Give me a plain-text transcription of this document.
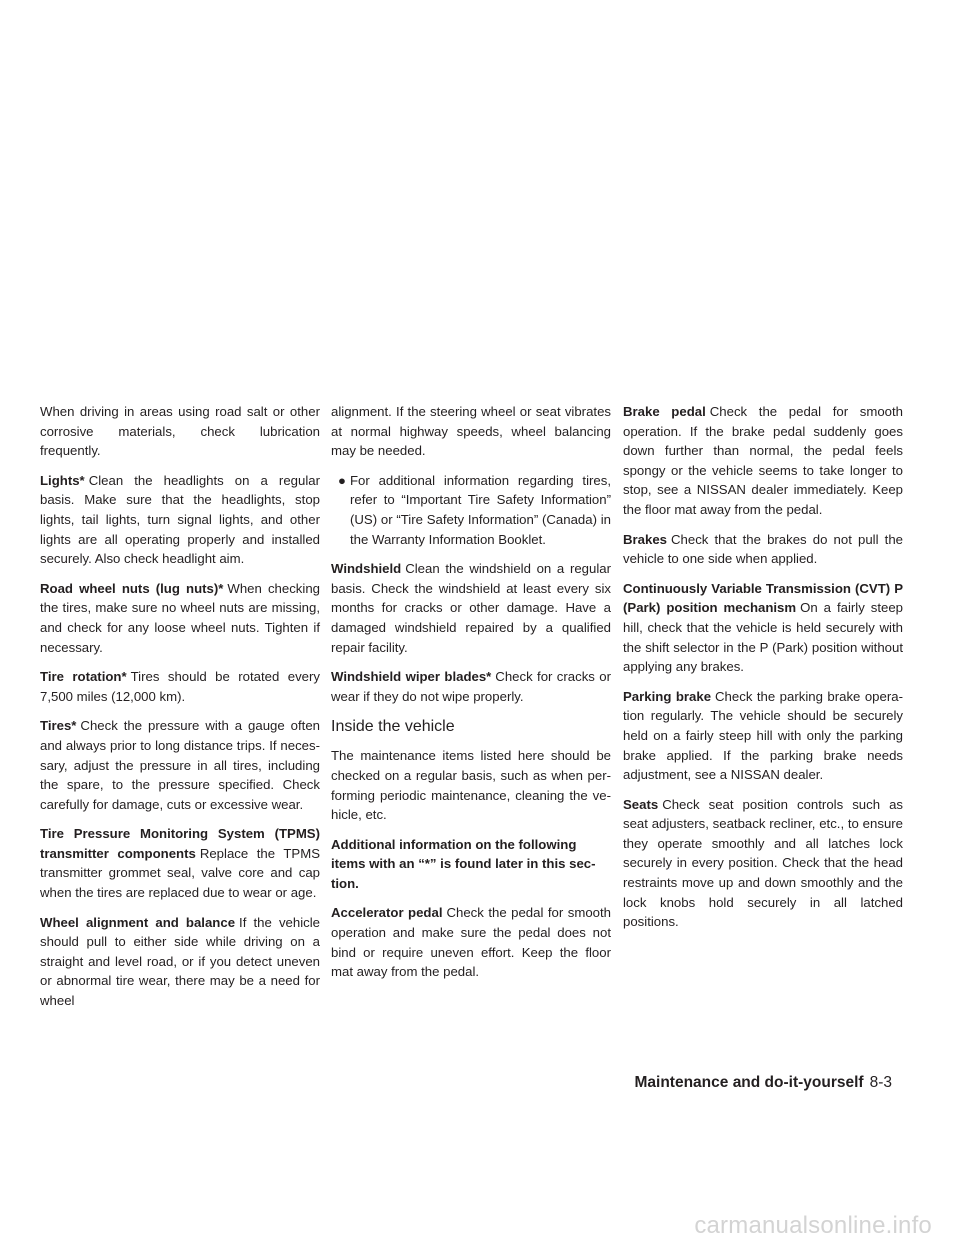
When driving in areas using road salt or other corrosive materials, check lubrication frequently.

Lights* Clean the headlights on a regular basis. Make sure that the headlights, stop lights, tail lights, turn signal lights, and other lights are all operating properly and installed securely. Also check headlight aim.

Road wheel nuts (lug nuts)* When checking the tires, make sure no wheel nuts are missing, and check for any loose wheel nuts. Tighten if necessary.

Tire rotation* Tires should be rotated every 7,500 miles (12,000 km).

Tires* Check the pressure with a gauge often and always prior to long distance trips. If necessary, adjust the pressure in all tires, including the spare, to the pressure specified. Check carefully for damage, cuts or excessive wear.

Tire Pressure Monitoring System (TPMS) transmitter components Replace the TPMS transmitter grommet seal, valve core and cap when the tires are replaced due to wear or age.

Wheel alignment and balance If the vehicle should pull to either side while driving on a straight and level road, or if you detect uneven or abnormal tire wear, there may be a need for wheel

alignment. If the steering wheel or seat vibrates at normal highway speeds, wheel balancing may be needed.

● For additional information regarding tires, refer to “Important Tire Safety Information” (US) or “Tire Safety Information” (Canada) in the Warranty Information Booklet.

Windshield Clean the windshield on a regular basis. Check the windshield at least every six months for cracks or other damage. Have a damaged windshield repaired by a qualified repair facility.

Windshield wiper blades* Check for cracks or wear if they do not wipe properly.

Inside the vehicle

The maintenance items listed here should be checked on a regular basis, such as when performing periodic maintenance, cleaning the vehicle, etc.

Additional information on the following items with an “*” is found later in this section.

Accelerator pedal Check the pedal for smooth operation and make sure the pedal does not bind or require uneven effort. Keep the floor mat away from the pedal.

Brake pedal Check the pedal for smooth operation. If the brake pedal suddenly goes down further than normal, the pedal feels spongy or the vehicle seems to take longer to stop, see a NISSAN dealer immediately. Keep the floor mat away from the pedal.

Brakes Check that the brakes do not pull the vehicle to one side when applied.

Continuously Variable Transmission (CVT) P (Park) position mechanism On a fairly steep hill, check that the vehicle is held securely with the shift selector in the P (Park) position without applying any brakes.

Parking brake Check the parking brake operation regularly. The vehicle should be securely held on a fairly steep hill with only the parking brake applied. If the parking brake needs adjustment, see a NISSAN dealer.

Seats Check seat position controls such as seat adjusters, seatback recliner, etc., to ensure they operate smoothly and all latches lock securely in every position. Check that the head restraints move up and down smoothly and the lock knobs hold securely in all latched positions.

Maintenance and do-it-yourself 8-3
carmanualsonline.info
